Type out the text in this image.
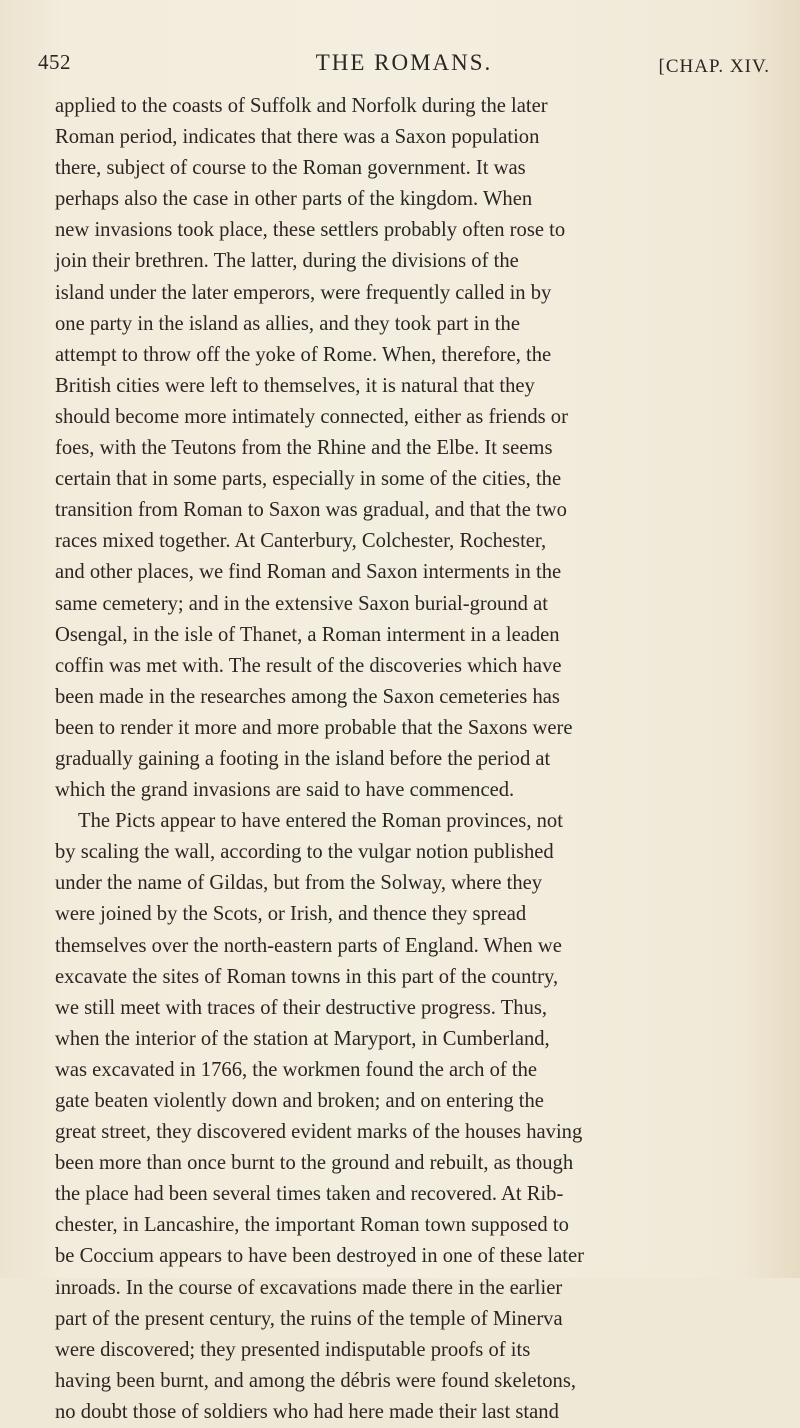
452	THE ROMANS.	[CHAP. XIV.
applied to the coasts of Suffolk and Norfolk during the later
Roman period, indicates that there was a Saxon population
there, subject of course to the Roman government. It was
perhaps also the case in other parts of the kingdom. When
new invasions took place, these settlers probably often rose to
join their brethren. The latter, during the divisions of the
island under the later emperors, were frequently called in by
one party in the island as allies, and they took part in the
attempt to throw off the yoke of Rome. When, therefore, the
British cities were left to themselves, it is natural that they
should become more intimately connected, either as friends or
foes, with the Teutons from the Rhine and the Elbe. It seems
certain that in some parts, especially in some of the cities, the
transition from Roman to Saxon was gradual, and that the two
races mixed together. At Canterbury, Colchester, Rochester,
and other places, we find Roman and Saxon interments in the
same cemetery; and in the extensive Saxon burial-ground at
Osengal, in the isle of Thanet, a Roman interment in a leaden
coffin was met with. The result of the discoveries which have
been made in the researches among the Saxon cemeteries has
been to render it more and more probable that the Saxons were
gradually gaining a footing in the island before the period at
which the grand invasions are said to have commenced.
The Picts appear to have entered the Roman provinces, not
by scaling the wall, according to the vulgar notion published
under the name of Gildas, but from the Solway, where they
were joined by the Scots, or Irish, and thence they spread
themselves over the north-eastern parts of England. When we
excavate the sites of Roman towns in this part of the country,
we still meet with traces of their destructive progress. Thus,
when the interior of the station at Maryport, in Cumberland,
was excavated in 1766, the workmen found the arch of the
gate beaten violently down and broken; and on entering the
great street, they discovered evident marks of the houses having
been more than once burnt to the ground and rebuilt, as though
the place had been several times taken and recovered. At Rib-
chester, in Lancashire, the important Roman town supposed to
be Coccium appears to have been destroyed in one of these later
inroads. In the course of excavations made there in the earlier
part of the present century, the ruins of the temple of Minerva
were discovered; they presented indisputable proofs of its
having been burnt, and among the débris were found skeletons,
no doubt those of soldiers who had here made their last stand
